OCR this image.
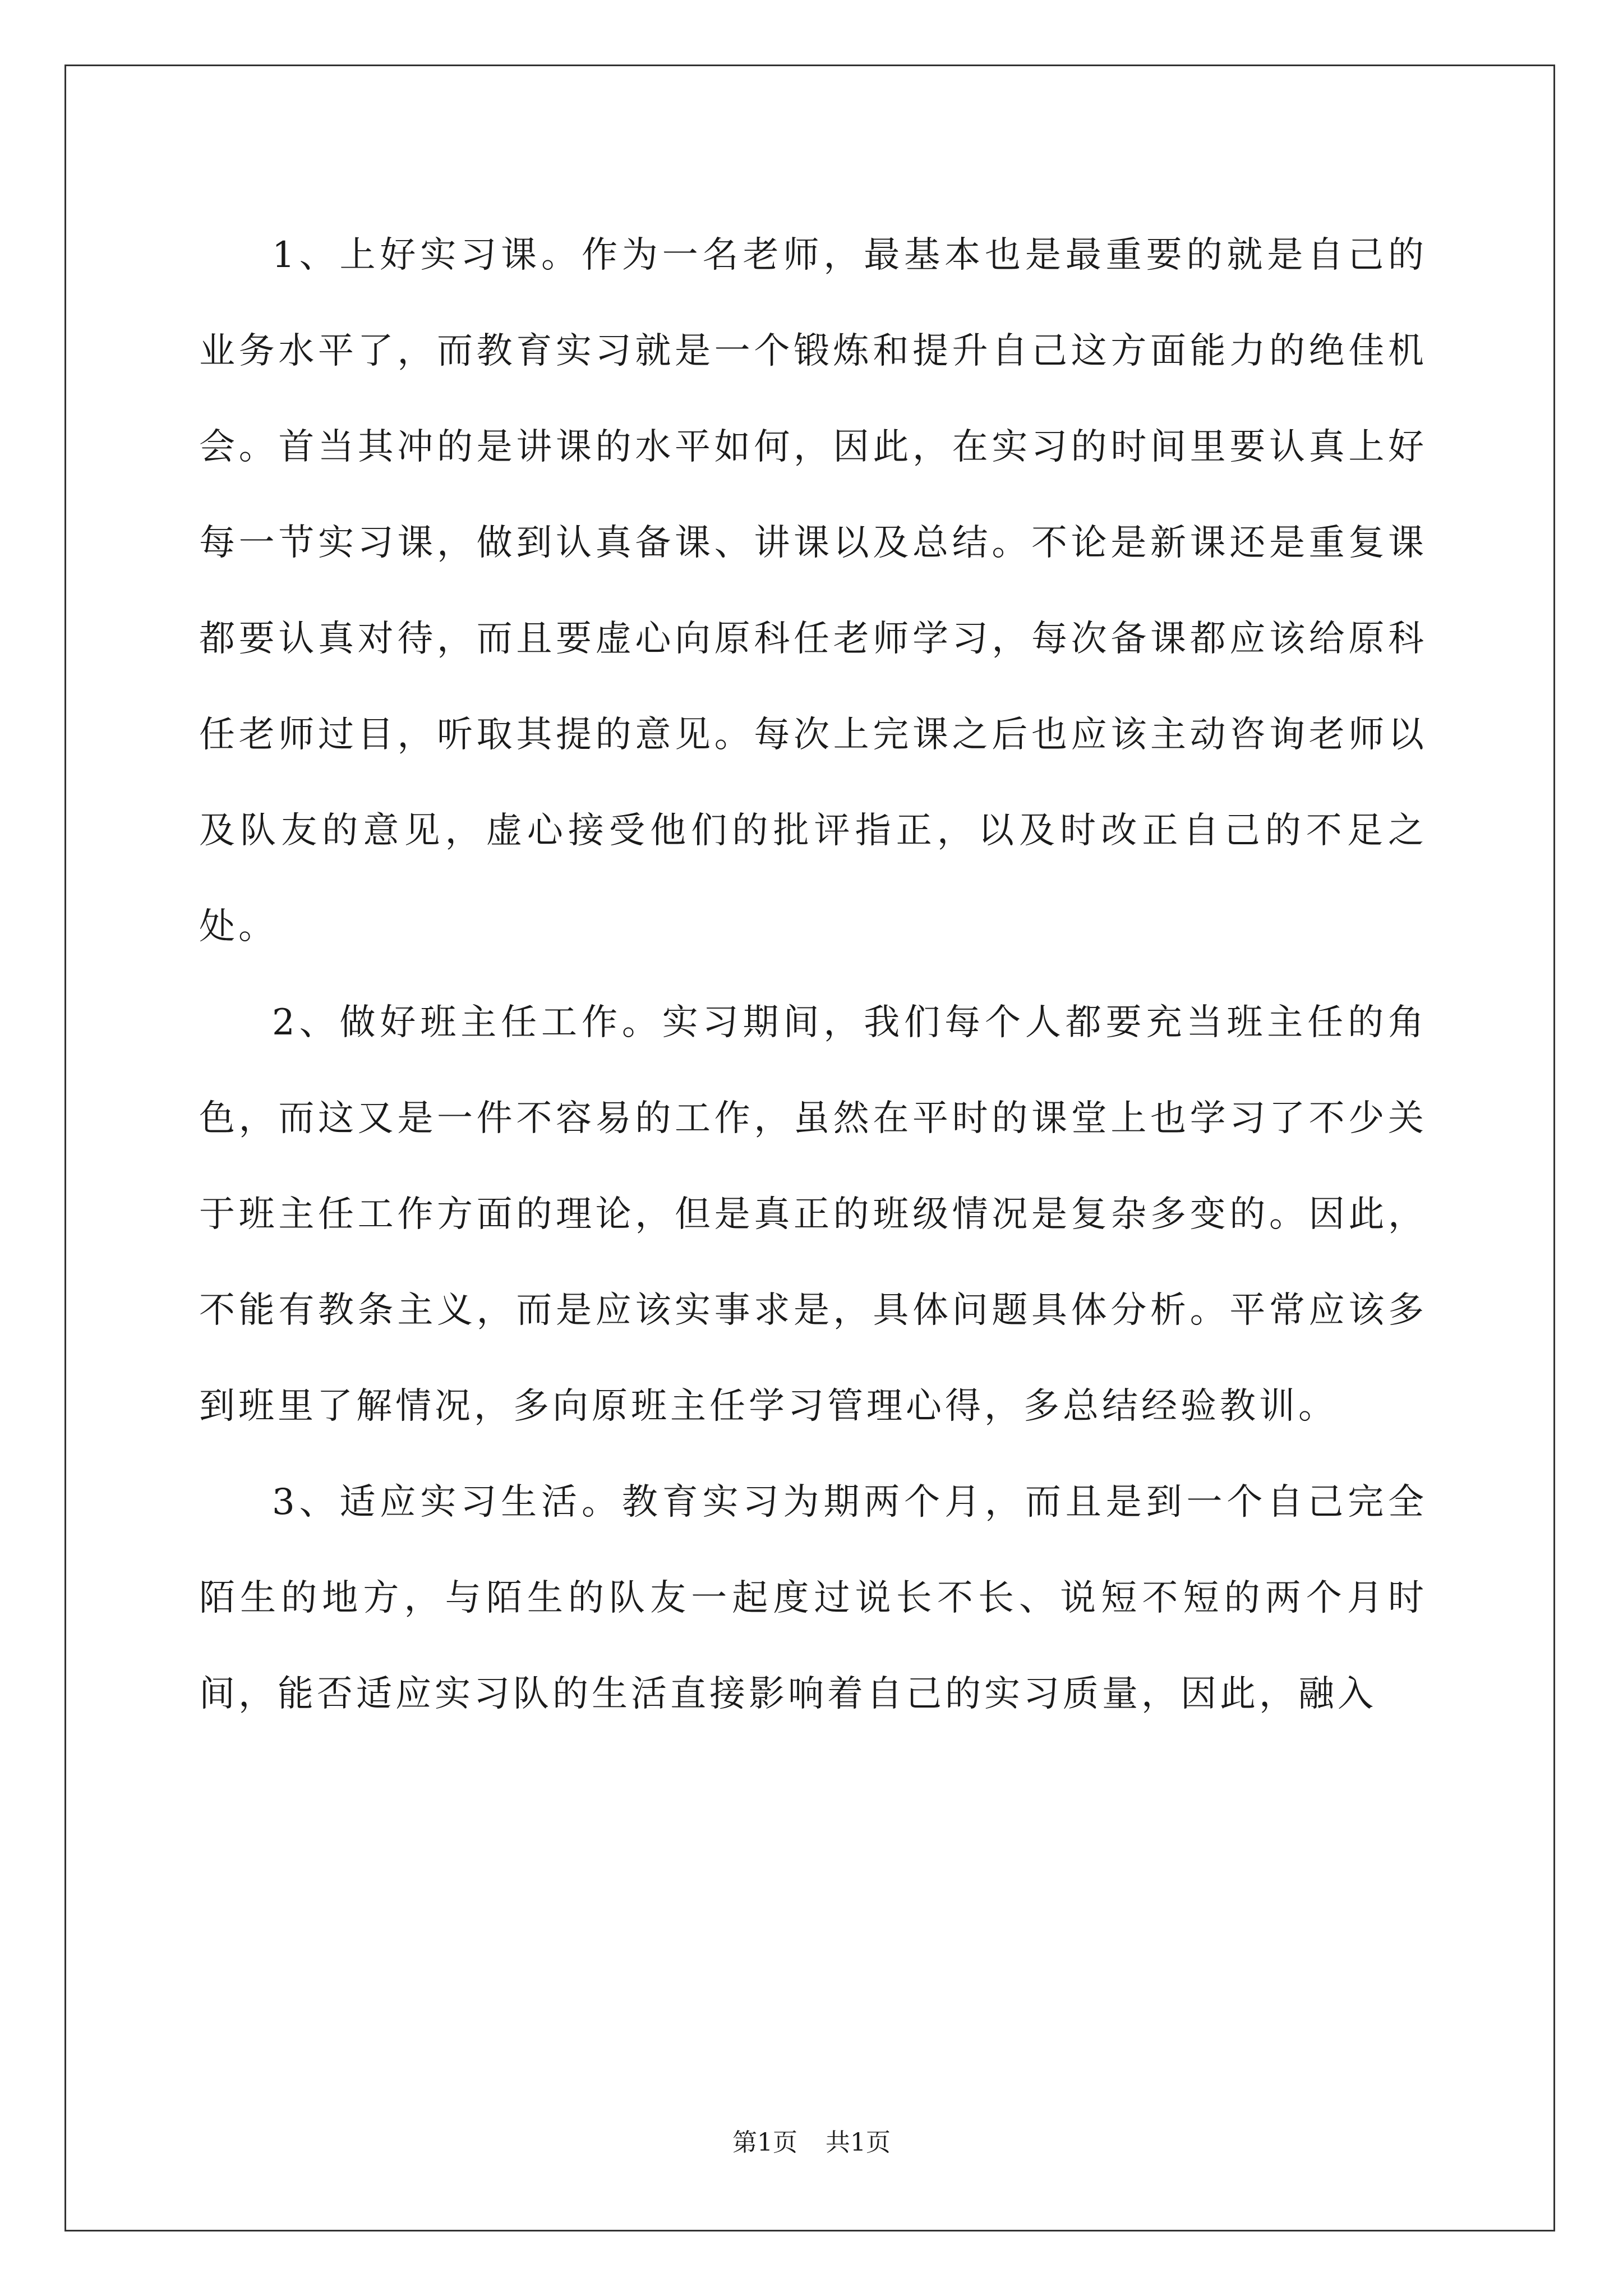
1、上好实习课。作为一名老师，最基本也是最重要的就是自己的业务水平了，而教育实习就是一个锻炼和提升自己这方面能力的绝佳机会。首当其冲的是讲课的水平如何，因此，在实习的时间里要认真上好每一节实习课，做到认真备课、讲课以及总结。不论是新课还是重复课都要认真对待，而且要虚心向原科任老师学习，每次备课都应该给原科任老师过目，听取其提的意见。每次上完课之后也应该主动咨询老师以及队友的意见，虚心接受他们的批评指正，以及时改正自己的不足之处。

2、做好班主任工作。实习期间，我们每个人都要充当班主任的角色，而这又是一件不容易的工作，虽然在平时的课堂上也学习了不少关于班主任工作方面的理论，但是真正的班级情况是复杂多变的。因此，不能有教条主义，而是应该实事求是，具体问题具体分析。平常应该多到班里了解情况，多向原班主任学习管理心得，多总结经验教训。

3、适应实习生活。教育实习为期两个月，而且是到一个自己完全陌生的地方，与陌生的队友一起度过说长不长、说短不短的两个月时间，能否适应实习队的生活直接影响着自己的实习质量，因此，融入

第1页 共1页
